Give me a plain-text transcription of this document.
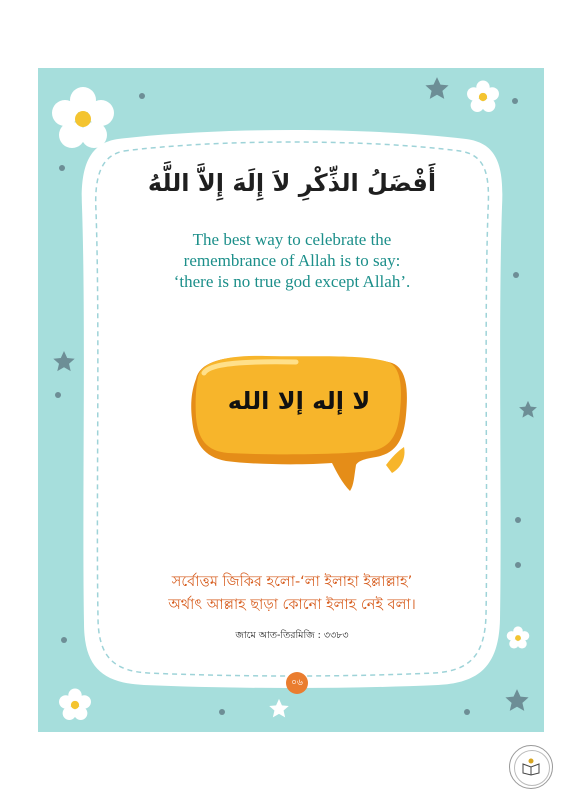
أَفْضَلُ الذِّكْرِ لاَ إِلَهَ إِلاَّ اللَّهُ
The best way to celebrate the
remembrance of Allah is to say:
‘there is no true god except Allah’.
لا إله إلا الله
সর্বোত্তম জিকির হলো-‘লা ইলাহা ইল্লাল্লাহ’
অর্থাৎ আল্লাহ ছাড়া কোনো ইলাহ নেই বলা।
জামে আত-তিরমিজি : ৩৩৮৩
০৬
